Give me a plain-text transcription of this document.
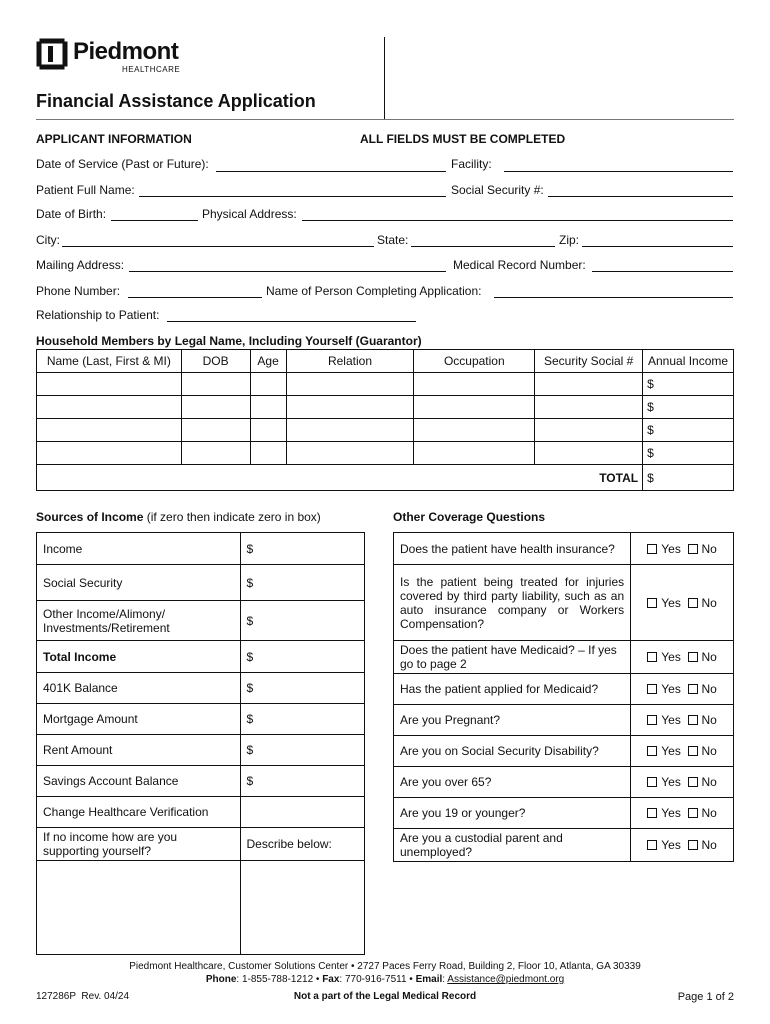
Piedmont
HEALTHCARE
Financial Assistance Application
APPLICANT INFORMATION	ALL FIELDS MUST BE COMPLETED
Date of Service (Past or Future):	Facility:
Patient Full Name:	Social Security #:
Date of Birth:	Physical Address:
City:	State:	Zip:
Mailing Address:	Medical Record Number:
Phone Number:	Name of Person Completing Application:
Relationship to Patient:
Household Members by Legal Name, Including Yourself (Guarantor)
Name (Last, First & MI)	DOB	Age	Relation	Occupation	Security Social #	Annual Income
						$
						$
						$
						$
TOTAL						$
Sources of Income (if zero then indicate zero in box)
Income	$
Social Security	$
Other Income/Alimony/ Investments/Retirement	$
Total Income	$
401K Balance	$
Mortgage Amount	$
Rent Amount	$
Savings Account Balance	$
Change Healthcare Verification	
If no income how are you supporting yourself?	Describe below:

Other Coverage Questions
Does the patient have health insurance?	Yes No
Is the patient being treated for injuries covered by third party liability, such as an auto insurance company or Workers Compensation?	Yes No
Does the patient have Medicaid? – If yes go to page 2	Yes No
Has the patient applied for Medicaid?	Yes No
Are you Pregnant?	Yes No
Are you on Social Security Disability?	Yes No
Are you over 65?	Yes No
Are you 19 or younger?	Yes No
Are you a custodial parent and unemployed?	Yes No
Piedmont Healthcare, Customer Solutions Center • 2727 Paces Ferry Road, Building 2, Floor 10, Atlanta, GA 30339
Phone: 1-855-788-1212 • Fax: 770-916-7511 • Email: Assistance@piedmont.org
127286P  Rev. 04/24	Not a part of the Legal Medical Record	Page 1 of 2
